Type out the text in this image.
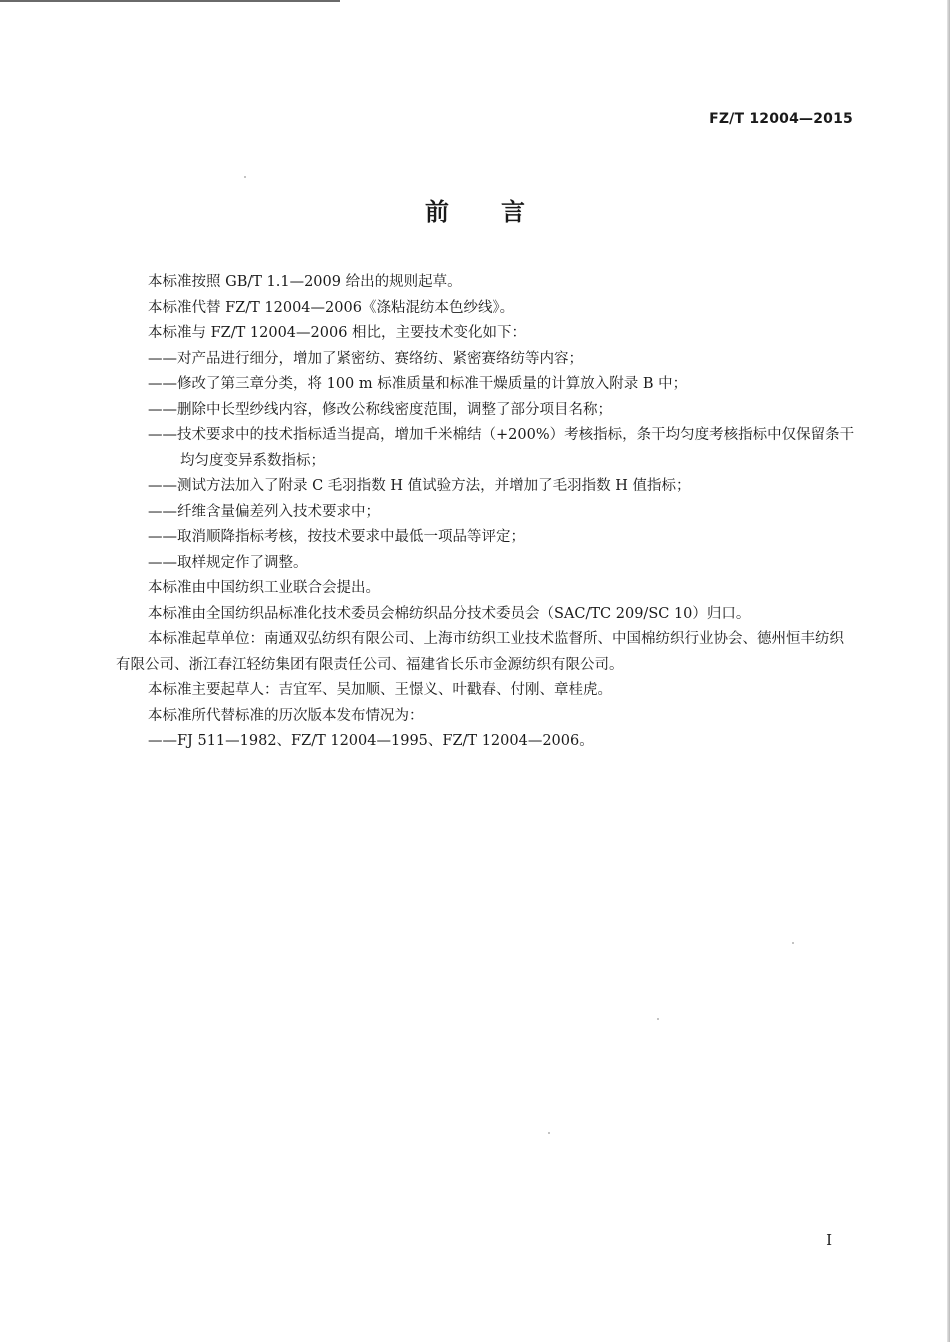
FZ/T 12004—2015
前言

本标准按照 GB/T 1.1—2009 给出的规则起草。

本标准代替 FZ/T 12004—2006《涤粘混纺本色纱线》。

本标准与 FZ/T 12004—2006 相比，主要技术变化如下：

——对产品进行细分，增加了紧密纺、赛络纺、紧密赛络纺等内容；

——修改了第三章分类，将 100 m 标准质量和标准干燥质量的计算放入附录 B 中；

——删除中长型纱线内容，修改公称线密度范围，调整了部分项目名称；

——技术要求中的技术指标适当提高，增加千米棉结（+200%）考核指标，条干均匀度考核指标中仅保留条干均匀度变异系数指标；

——测试方法加入了附录 C 毛羽指数 H 值试验方法，并增加了毛羽指数 H 值指标；

——纤维含量偏差列入技术要求中；

——取消顺降指标考核，按技术要求中最低一项品等评定；

——取样规定作了调整。

本标准由中国纺织工业联合会提出。

本标准由全国纺织品标准化技术委员会棉纺织品分技术委员会（SAC/TC 209/SC 10）归口。

本标准起草单位：南通双弘纺织有限公司、上海市纺织工业技术监督所、中国棉纺织行业协会、德州恒丰纺织有限公司、浙江春江轻纺集团有限责任公司、福建省长乐市金源纺织有限公司。

本标准主要起草人：吉宜军、吴加顺、王憬义、叶戳春、付刚、章桂虎。

本标准所代替标准的历次版本发布情况为：

——FJ 511—1982、FZ/T 12004—1995、FZ/T 12004—2006。

I
